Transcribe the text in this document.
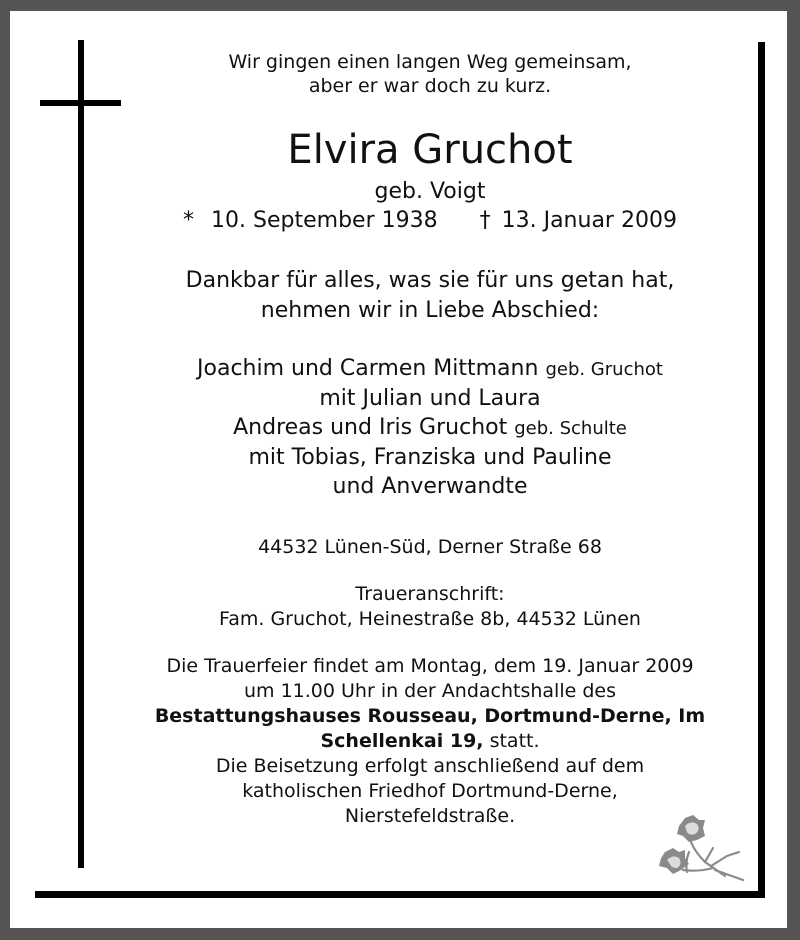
Wir gingen einen langen Weg gemeinsam,
aber er war doch zu kurz.
Elvira Gruchot
geb. Voigt
* 10. September 1938 † 13. Januar 2009
Dankbar für alles, was sie für uns getan hat,
nehmen wir in Liebe Abschied:
Joachim und Carmen Mittmann geb. Gruchot
mit Julian und Laura
Andreas und Iris Gruchot geb. Schulte
mit Tobias, Franziska und Pauline
und Anverwandte
44532 Lünen-Süd, Derner Straße 68
Traueranschrift:
Fam. Gruchot, Heinestraße 8b, 44532 Lünen
Die Trauerfeier findet am Montag, dem 19. Januar 2009
um 11.00 Uhr in der Andachtshalle des
Bestattungshauses Rousseau, Dortmund-Derne, Im
Schellenkai 19, statt.
Die Beisetzung erfolgt anschließend auf dem
katholischen Friedhof Dortmund-Derne,
Nierstefeldstraße.
